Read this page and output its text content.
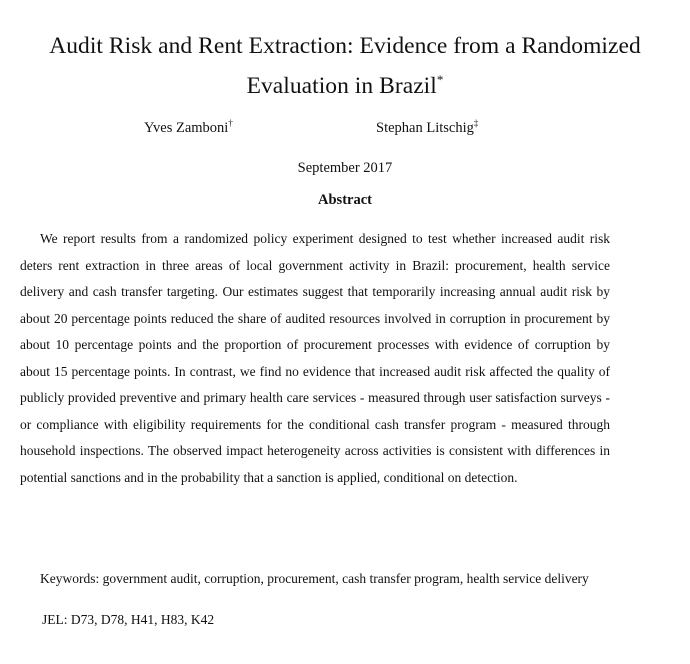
Audit Risk and Rent Extraction: Evidence from a Randomized
Evaluation in Brazil*
Yves Zamboni†	Stephan Litschig‡
September 2017
Abstract

We report results from a randomized policy experiment designed to test whether increased audit risk deters rent extraction in three areas of local government activity in Brazil: procurement, health service delivery and cash transfer targeting. Our estimates suggest that temporarily increasing annual audit risk by about 20 percentage points reduced the share of audited resources involved in corruption in procurement by about 10 percentage points and the proportion of procurement processes with evidence of corruption by about 15 percentage points. In contrast, we find no evidence that increased audit risk affected the quality of publicly provided preventive and primary health care services - measured through user satisfaction surveys - or compliance with eligibility requirements for the conditional cash transfer program - measured through household inspections. The observed impact heterogeneity across activities is consistent with differences in potential sanctions and in the probability that a sanction is applied, conditional on detection.

Keywords: government audit, corruption, procurement, cash transfer program, health service delivery

JEL: D73, D78, H41, H83, K42
